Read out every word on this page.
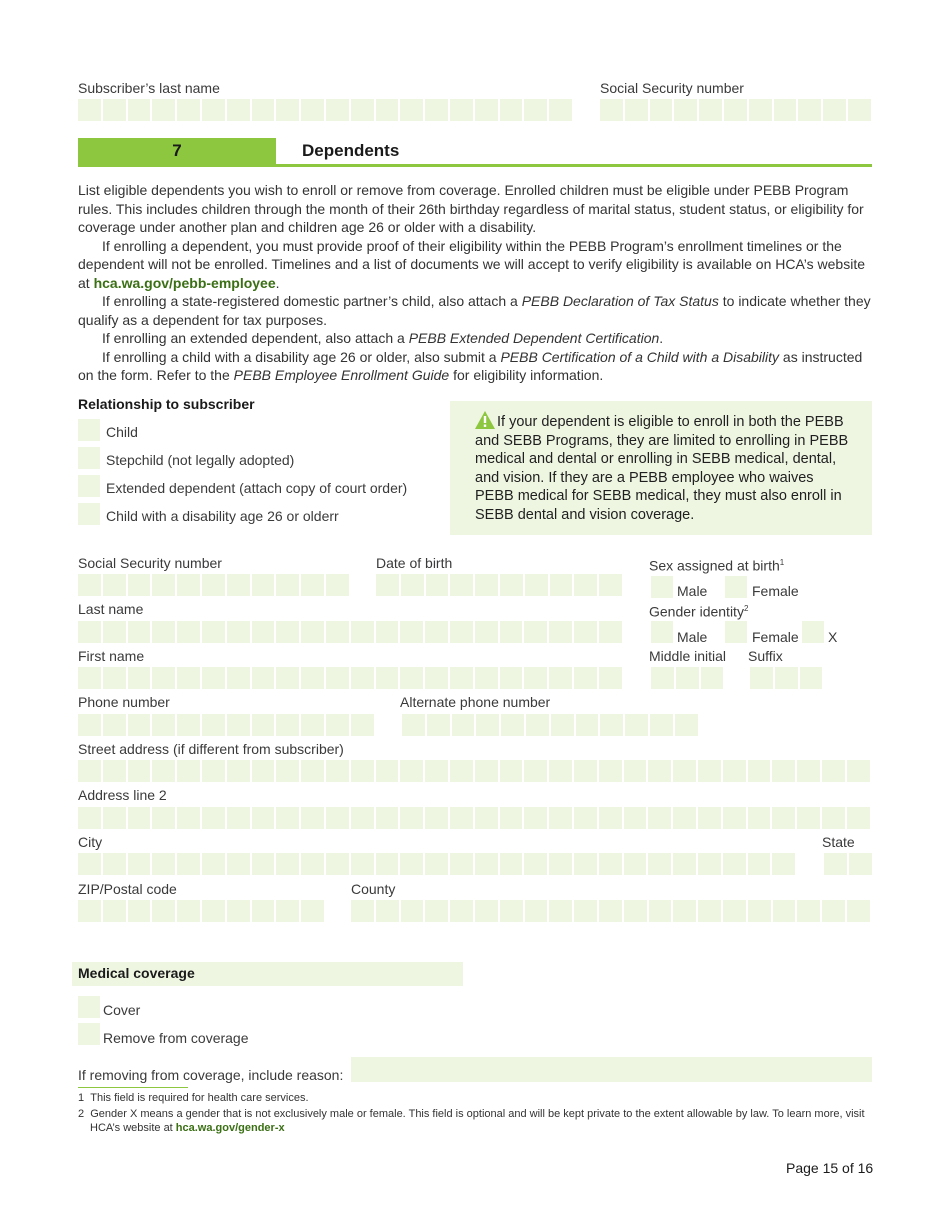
Subscriber’s last name	Social Security number
7	Dependents

List eligible dependents you wish to enroll or remove from coverage. Enrolled children must be eligible under PEBB Program rules. This includes children through the month of their 26th birthday regardless of marital status, student status, or eligibility for coverage under another plan and children age 26 or older with a disability.

If enrolling a dependent, you must provide proof of their eligibility within the PEBB Program’s enrollment timelines or the dependent will not be enrolled. Timelines and a list of documents we will accept to verify eligibility is available on HCA’s website at hca.wa.gov/pebb-employee.

If enrolling a state-registered domestic partner’s child, also attach a PEBB Declaration of Tax Status to indicate whether they qualify as a dependent for tax purposes.

If enrolling an extended dependent, also attach a PEBB Extended Dependent Certification.

If enrolling a child with a disability age 26 or older, also submit a PEBB Certification of a Child with a Disability as instructed on the form. Refer to the PEBB Employee Enrollment Guide for eligibility information.

Relationship to subscriber
Child
Stepchild (not legally adopted)
Extended dependent (attach copy of court order)
Child with a disability age 26 or olderr
If your dependent is eligible to enroll in both the PEBB and SEBB Programs, they are limited to enrolling in PEBB medical and dental or enrolling in SEBB medical, dental, and vision. If they are a PEBB employee who waives PEBB medical for SEBB medical, they must also enroll in SEBB dental and vision coverage.
Social Security number	Date of birth	Sex assigned at birth$^1$
Male	Female
Last name	Gender identity$^2$
Male	Female X
First name	Middle initial Suffix
Phone number	Alternate phone number
Street address (if different from subscriber)
Address line 2
City	State
ZIP/Postal code	County
Medical coverage
Cover
Remove from coverage
If removing from coverage, include reason:
1 This field is required for health care services.
2 Gender X means a gender that is not exclusively male or female. This field is optional and will be kept private to the extent allowable by law. To learn more, visit HCA’s website at hca.wa.gov/gender-x
Page 15 of 16
